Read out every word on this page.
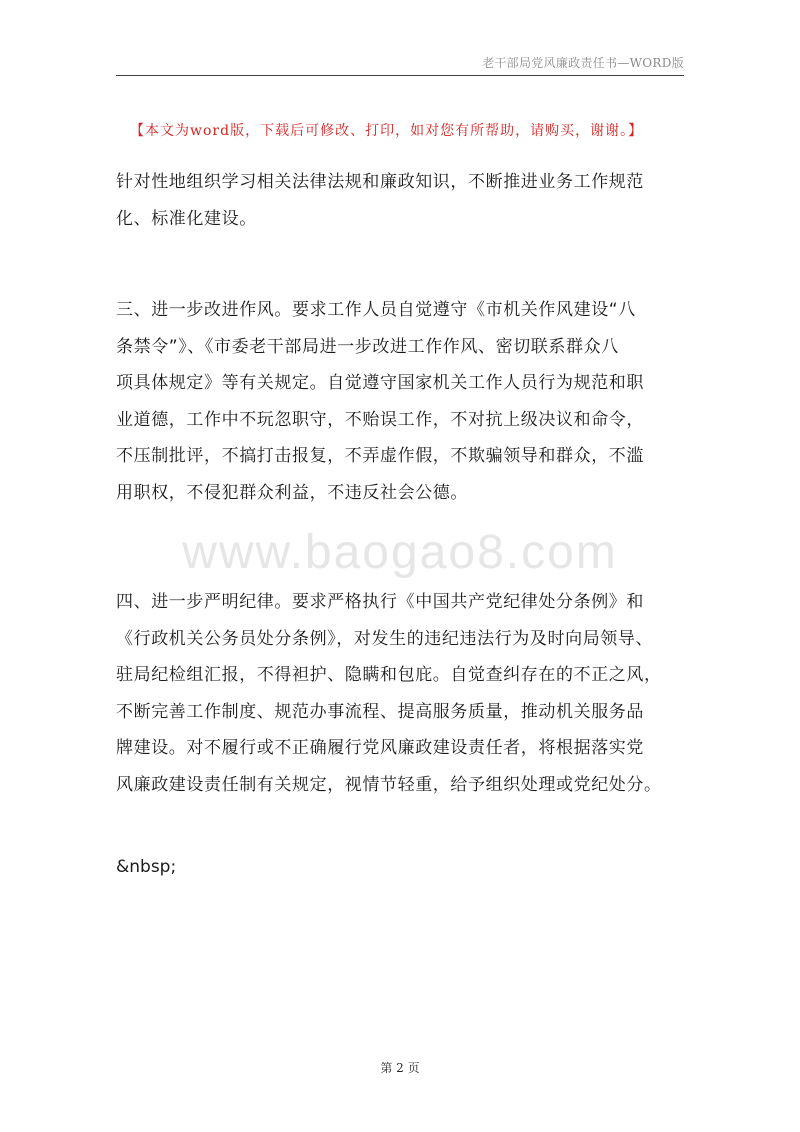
老干部局党风廉政责任书—WORD版
【本文为word版，下载后可修改、打印，如对您有所帮助，请购买，谢谢。】
针对性地组织学习相关法律法规和廉政知识，不断推进业务工作规范
化、标准化建设。
三、进一步改进作风。要求工作人员自觉遵守《市机关作风建设“八
条禁令”》、《市委老干部局进一步改进工作作风、密切联系群众八
项具体规定》等有关规定。自觉遵守国家机关工作人员行为规范和职
业道德，工作中不玩忽职守，不贻误工作，不对抗上级决议和命令，
不压制批评，不搞打击报复，不弄虚作假，不欺骗领导和群众，不滥
用职权，不侵犯群众利益，不违反社会公德。
www.baogao8.com
四、进一步严明纪律。要求严格执行《中国共产党纪律处分条例》和
《行政机关公务员处分条例》，对发生的违纪违法行为及时向局领导、
驻局纪检组汇报，不得袒护、隐瞒和包庇。自觉查纠存在的不正之风，
不断完善工作制度、规范办事流程、提高服务质量，推动机关服务品
牌建设。对不履行或不正确履行党风廉政建设责任者，将根据落实党
风廉政建设责任制有关规定，视情节轻重，给予组织处理或党纪处分。
&nbsp;
第 2 页
